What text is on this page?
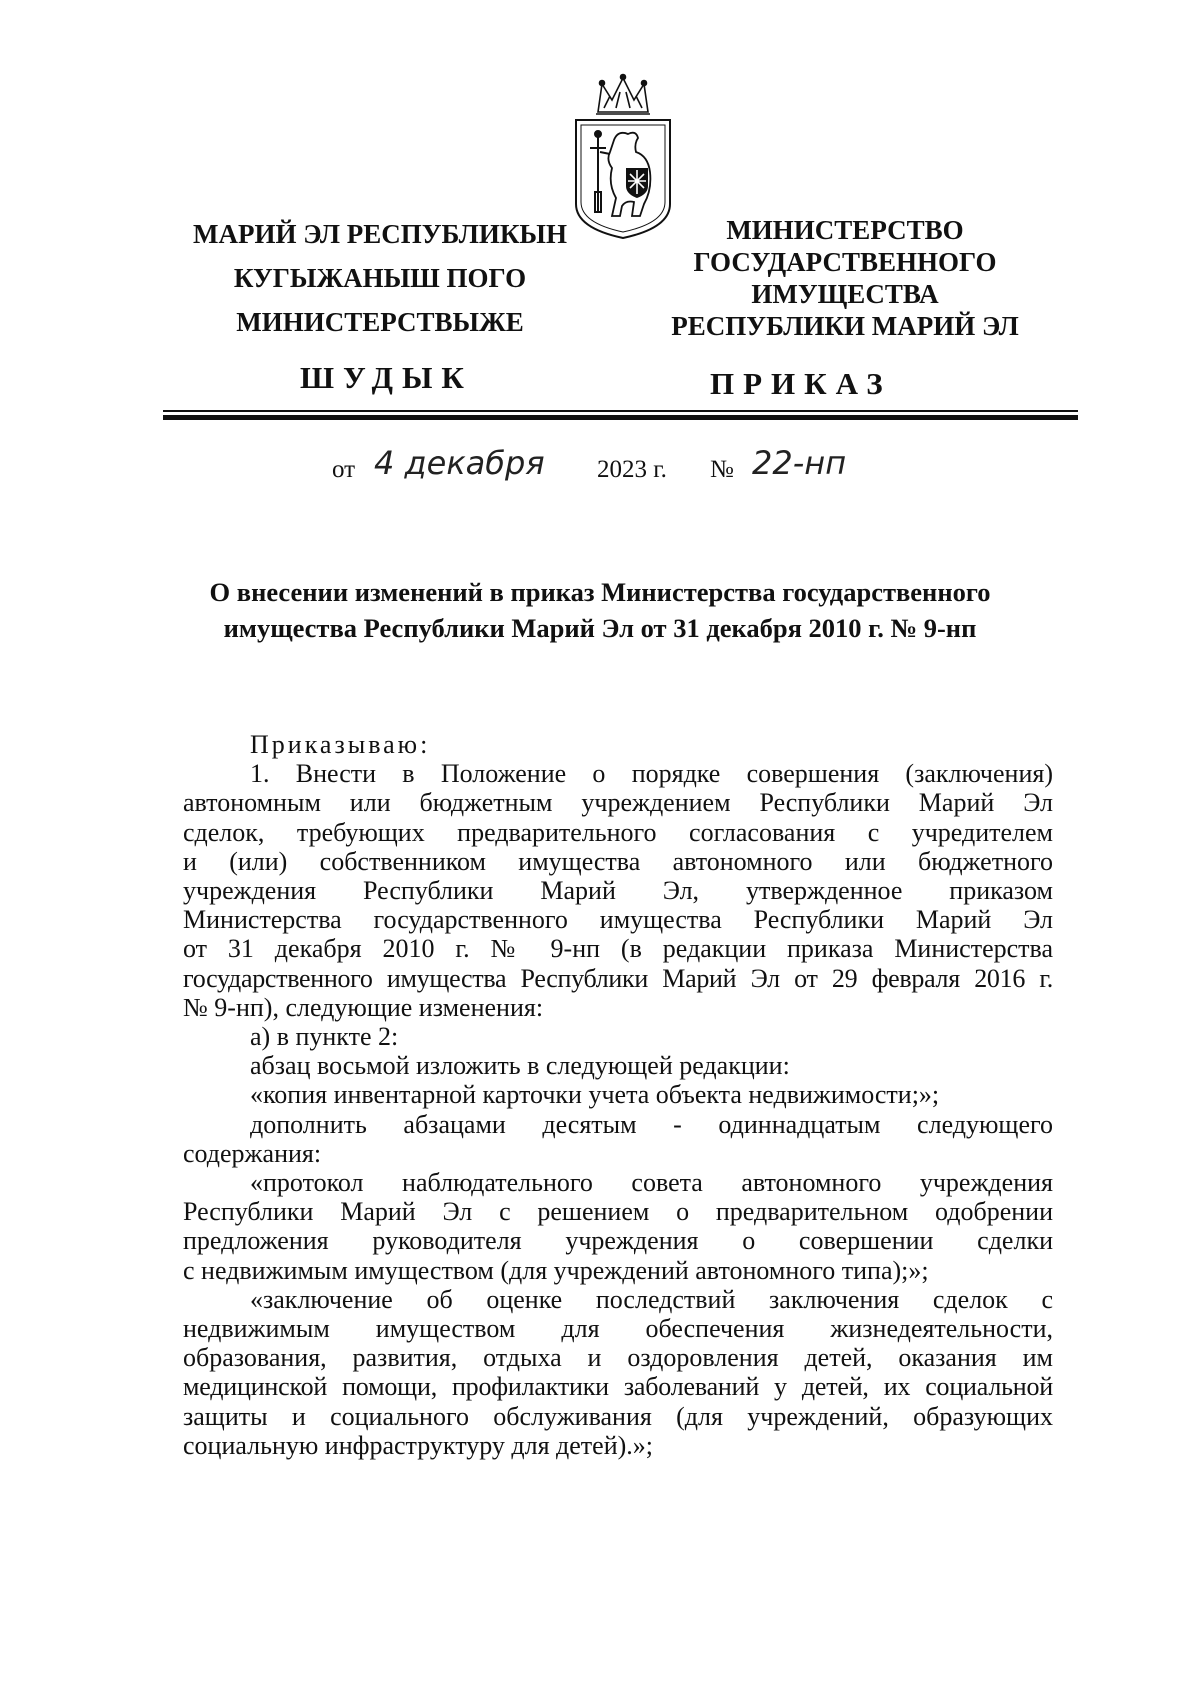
МАРИЙ ЭЛ РЕСПУБЛИКЫН
КУГЫЖАНЫШ ПОГО
МИНИСТЕРСТВЫЖЕ
ШУДЫК
МИНИСТЕРСТВО
ГОСУДАРСТВЕННОГО
ИМУЩЕСТВА
РЕСПУБЛИКИ МАРИЙ ЭЛ
ПРИКАЗ
от 4 декабря 2023 г. № 22-нп
О внесении изменений в приказ Министерства государственного
имущества Республики Марий Эл от 31 декабря 2010 г. № 9-нп

Приказываю:

1. Внести в Положение о порядке совершения (заключения)

автономным или бюджетным учреждением Республики Марий Эл

сделок, требующих предварительного согласования с учредителем

и (или) собственником имущества автономного или бюджетного

учреждения Республики Марий Эл, утвержденное приказом

Министерства государственного имущества Республики Марий Эл

от 31 декабря 2010 г. № 9-нп (в редакции приказа Министерства

государственного имущества Республики Марий Эл от 29 февраля 2016 г.

№ 9-нп), следующие изменения:

а) в пункте 2:

абзац восьмой изложить в следующей редакции:

«копия инвентарной карточки учета объекта недвижимости;»;

дополнить абзацами десятым - одиннадцатым следующего

содержания:

«протокол наблюдательного совета автономного учреждения

Республики Марий Эл с решением о предварительном одобрении

предложения руководителя учреждения о совершении сделки

с недвижимым имуществом (для учреждений автономного типа);»;

«заключение об оценке последствий заключения сделок с

недвижимым имуществом для обеспечения жизнедеятельности,

образования, развития, отдыха и оздоровления детей, оказания им

медицинской помощи, профилактики заболеваний у детей, их социальной

защиты и социального обслуживания (для учреждений, образующих

социальную инфраструктуру для детей).»;
